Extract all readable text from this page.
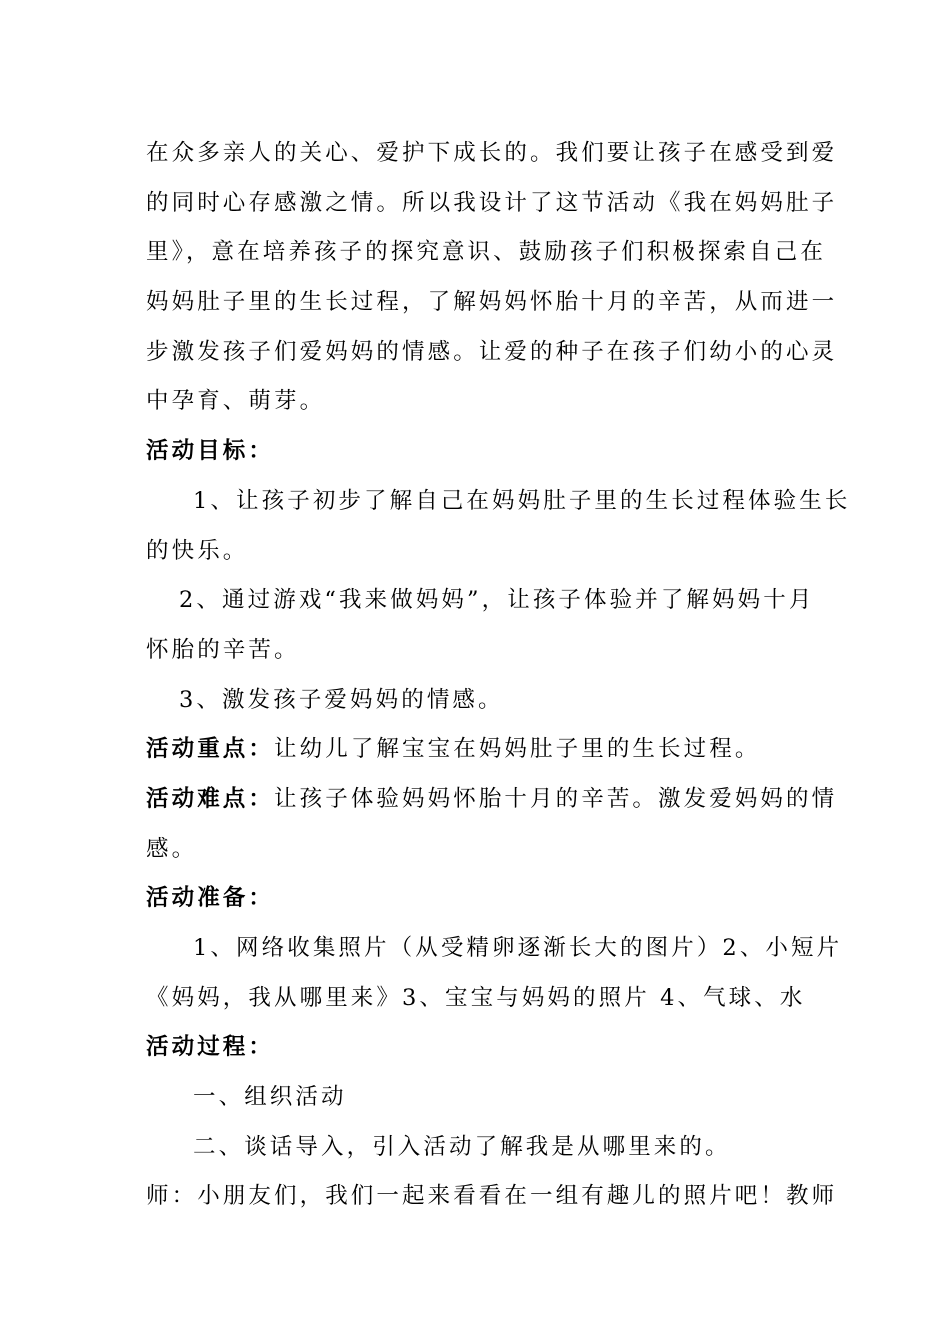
在众多亲人的关心、爱护下成长的。我们要让孩子在感受到爱
的同时心存感激之情。所以我设计了这节活动《我在妈妈肚子
里》，意在培养孩子的探究意识、鼓励孩子们积极探索自己在
妈妈肚子里的生长过程，了解妈妈怀胎十月的辛苦，从而进一
步激发孩子们爱妈妈的情感。让爱的种子在孩子们幼小的心灵
中孕育、萌芽。
活动目标：
1、让孩子初步了解自己在妈妈肚子里的生长过程体验生长
的快乐。
2、通过游戏“我来做妈妈”，让孩子体验并了解妈妈十月
怀胎的辛苦。
3、激发孩子爱妈妈的情感。
活动重点：让幼儿了解宝宝在妈妈肚子里的生长过程。
活动难点：让孩子体验妈妈怀胎十月的辛苦。激发爱妈妈的情
感。
活动准备：
1、网络收集照片（从受精卵逐渐长大的图片）2、小短片
《妈妈，我从哪里来》3、宝宝与妈妈的照片 4、气球、水
活动过程：
一、组织活动
二、谈话导入，引入活动了解我是从哪里来的。
师：小朋友们，我们一起来看看在一组有趣儿的照片吧！教师
